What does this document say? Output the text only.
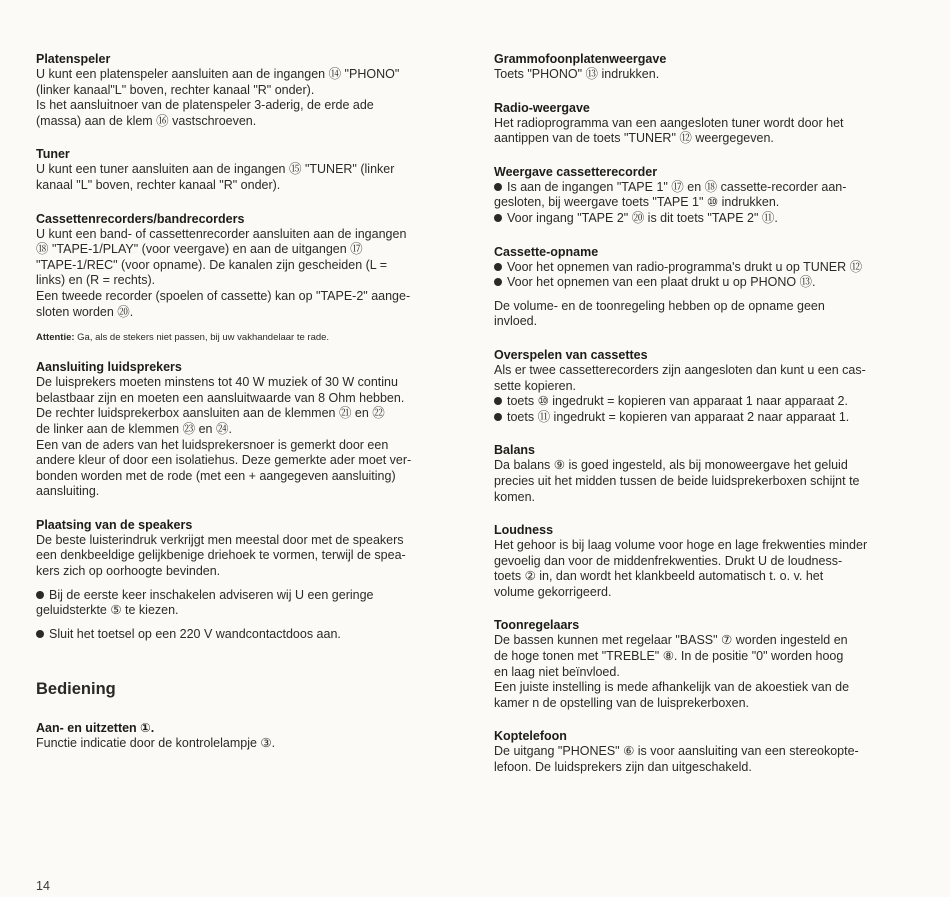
Platenspeler

U kunt een platenspeler aansluiten aan de ingangen ⑭ "PHONO"

(linker kanaal"L" boven, rechter kanaal "R" onder).

Is het aansluitnoer van de platenspeler 3-aderig, de erde ade

(massa) aan de klem ⑯ vastschroeven.

Tuner

U kunt een tuner aansluiten aan de ingangen ⑮ "TUNER" (linker

kanaal "L" boven, rechter kanaal "R" onder).

Cassettenrecorders/bandrecorders

U kunt een band- of cassettenrecorder aansluiten aan de ingangen

⑱ "TAPE-1/PLAY" (voor veergave) en aan de uitgangen ⑰

"TAPE-1/REC" (voor opname). De kanalen zijn gescheiden (L =

links) en (R = rechts).

Een tweede recorder (spoelen of cassette) kan op "TAPE-2" aange-

sloten worden ⑳.

Attentie: Ga, als de stekers niet passen, bij uw vakhandelaar te rade.

Aansluiting luidsprekers

De luisprekers moeten minstens tot 40 W muziek of 30 W continu

belastbaar zijn en moeten een aansluitwaarde van 8 Ohm hebben.

De rechter luidsprekerbox aansluiten aan de klemmen ㉑ en ㉒

de linker aan de klemmen ㉓ en ㉔.

Een van de aders van het luidsprekersnoer is gemerkt door een

andere kleur of door een isolatiehus. Deze gemerkte ader moet ver-

bonden worden met de rode (met een + aangegeven aansluiting)

aansluiting.

Plaatsing van de speakers

De beste luisterindruk verkrijgt men meestal door met de speakers

een denkbeeldige gelijkbenige driehoek te vormen, terwijl de spea-

kers zich op oorhoogte bevinden.

Bij de eerste keer inschakelen adviseren wij U een geringe

geluidsterkte ⑤ te kiezen.

Sluit het toetsel op een 220 V wandcontactdoos aan.

Bediening
Aan- en uitzetten ①.

Functie indicatie door de kontrolelampje ③.

Grammofoonplatenweergave

Toets "PHONO" ⑬ indrukken.

Radio-weergave

Het radioprogramma van een aangesloten tuner wordt door het

aantippen van de toets "TUNER" ⑫ weergegeven.

Weergave cassetterecorder

Is aan de ingangen "TAPE 1" ⑰ en ⑱ cassette-recorder aan-

gesloten, bij weergave toets "TAPE 1" ⑩ indrukken.

Voor ingang "TAPE 2" ⑳ is dit toets "TAPE 2" ⑪.

Cassette-opname

Voor het opnemen van radio-programma's drukt u op TUNER ⑫

Voor het opnemen van een plaat drukt u op PHONO ⑬.

De volume- en de toonregeling hebben op de opname geen

invloed.

Overspelen van cassettes

Als er twee cassetterecorders zijn aangesloten dan kunt u een cas-

sette kopieren.

toets ⑩ ingedrukt = kopieren van apparaat 1 naar apparaat 2.

toets ⑪ ingedrukt = kopieren van apparaat 2 naar apparaat 1.

Balans

Da balans ⑨ is goed ingesteld, als bij monoweergave het geluid

precies uit het midden tussen de beide luidsprekerboxen schijnt te

komen.

Loudness

Het gehoor is bij laag volume voor hoge en lage frekwenties minder

gevoelig dan voor de middenfrekwenties. Drukt U de loudness-

toets ② in, dan wordt het klankbeeld automatisch t. o. v. het

volume gekorrigeerd.

Toonregelaars

De bassen kunnen met regelaar "BASS" ⑦ worden ingesteld en

de hoge tonen met "TREBLE" ⑧. In de positie "0" worden hoog

en laag niet beïnvloed.

Een juiste instelling is mede afhankelijk van de akoestiek van de

kamer n de opstelling van de luisprekerboxen.

Koptelefoon

De uitgang "PHONES" ⑥ is voor aansluiting van een stereokopte-

lefoon. De luidsprekers zijn dan uitgeschakeld.

14
